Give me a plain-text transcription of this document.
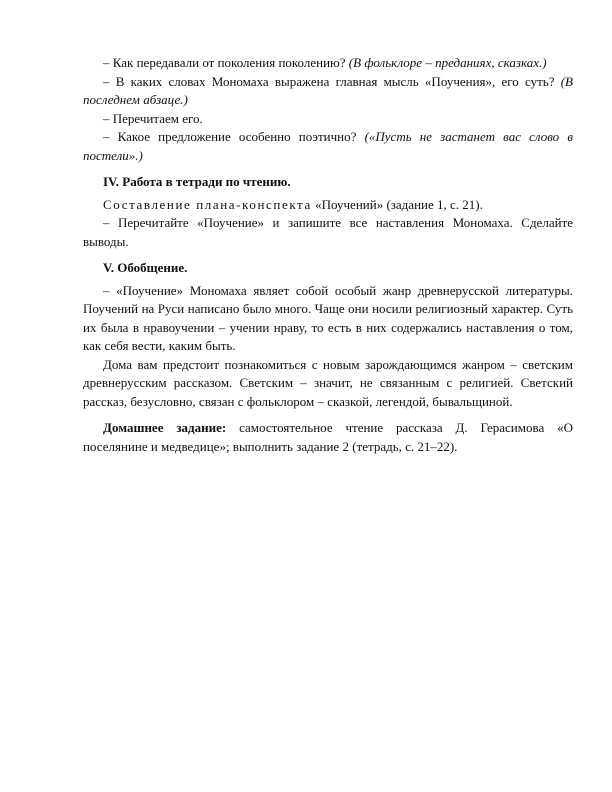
– Как передавали от поколения поколению? (В фольклоре – преданиях, сказках.)

– В каких словах Мономаха выражена главная мысль «Поучения», его суть? (В последнем абзаце.)

– Перечитаем его.

– Какое предложение особенно поэтично? («Пусть не застанет вас слово в постели».)

IV. Работа в тетради по чтению.

Составление плана-конспекта «Поучений» (задание 1, с. 21).

– Перечитайте «Поучение» и запишите все наставления Мономаха. Сделайте выводы.

V. Обобщение.

– «Поучение» Мономаха являет собой особый жанр древнерусской литературы. Поучений на Руси написано было много. Чаще они носили религиозный характер. Суть их была в нравоучении – учении нраву, то есть в них содержались наставления о том, как себя вести, каким быть.

Дома вам предстоит познакомиться с новым зарождающимся жанром – светским древнерусским рассказом. Светским – значит, не связанным с религией. Светский рассказ, безусловно, связан с фольклором – сказкой, легендой, бывальщиной.

Домашнее задание: самостоятельное чтение рассказа Д. Герасимова «О поселянине и медведице»; выполнить задание 2 (тетрадь, с. 21–22).
